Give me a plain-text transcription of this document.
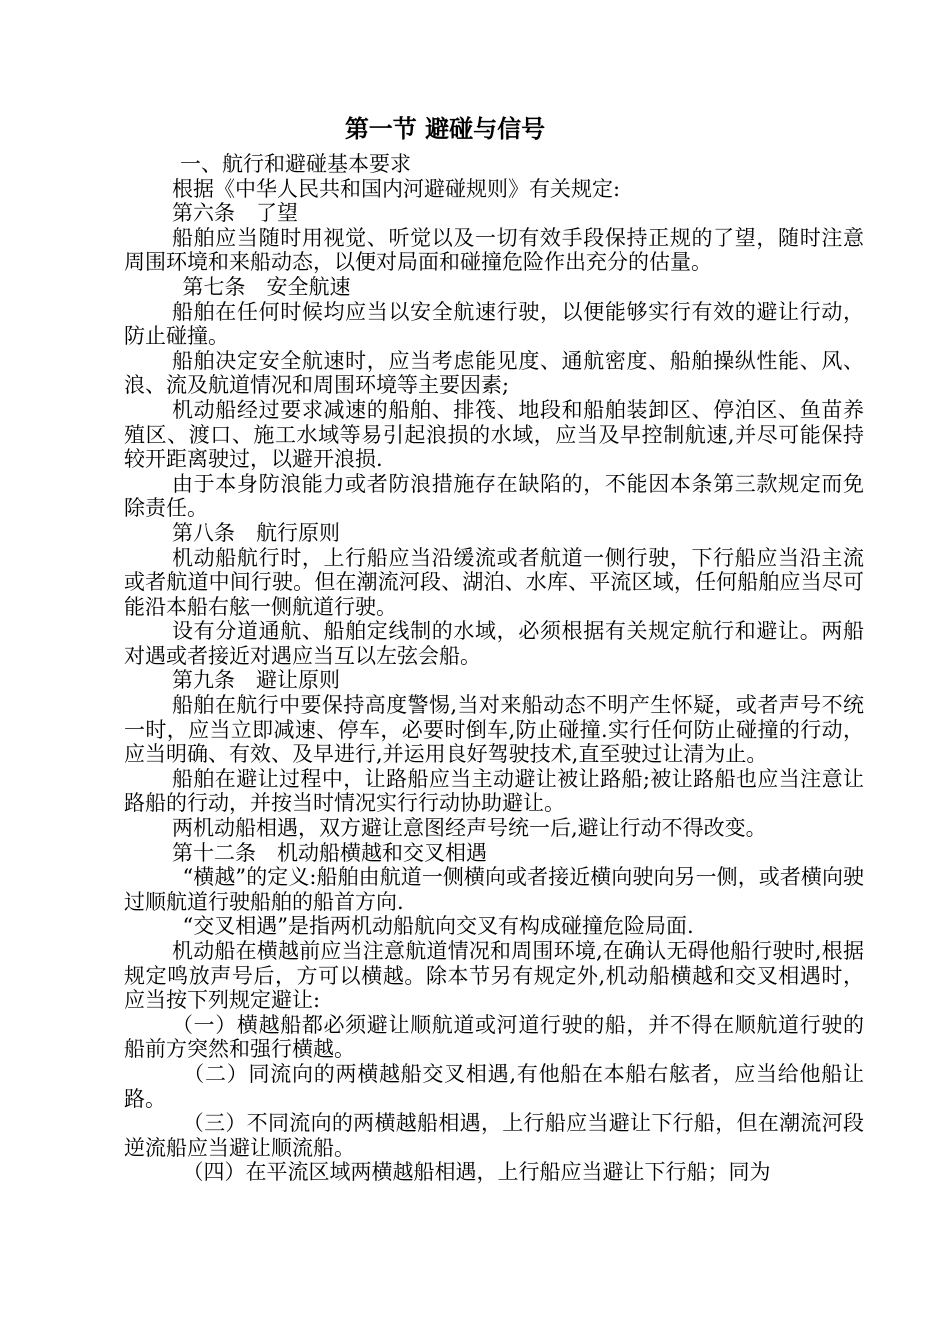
第一节 避碰与信号

一、航行和避碰基本要求

根据《中华人民共和国内河避碰规则》有关规定:

第六条　了望

船舶应当随时用视觉、听觉以及一切有效手段保持正规的了望，随时注意周围环境和来船动态，以便对局面和碰撞危险作出充分的估量。

 第七条　安全航速

船舶在任何时候均应当以安全航速行驶，以便能够实行有效的避让行动，防止碰撞。

船舶决定安全航速时，应当考虑能见度、通航密度、船舶操纵性能、风、浪、流及航道情况和周围环境等主要因素;

机动船经过要求减速的船舶、排筏、地段和船舶装卸区、停泊区、鱼苗养殖区、渡口、施工水域等易引起浪损的水域，应当及早控制航速,并尽可能保持较开距离驶过，以避开浪损.

由于本身防浪能力或者防浪措施存在缺陷的，不能因本条第三款规定而免除责任。

第八条　航行原则

机动船航行时，上行船应当沿缓流或者航道一侧行驶，下行船应当沿主流或者航道中间行驶。但在潮流河段、湖泊、水库、平流区域，任何船舶应当尽可能沿本船右舷一侧航道行驶。

设有分道通航、船舶定线制的水域，必须根据有关规定航行和避让。两船对遇或者接近对遇应当互以左弦会船。

第九条　避让原则

船舶在航行中要保持高度警惕,当对来船动态不明产生怀疑，或者声号不统一时，应当立即减速、停车，必要时倒车,防止碰撞.实行任何防止碰撞的行动，应当明确、有效、及早进行,并运用良好驾驶技术,直至驶过让清为止。

船舶在避让过程中，让路船应当主动避让被让路船;被让路船也应当注意让路船的行动，并按当时情况实行行动协助避让。

两机动船相遇，双方避让意图经声号统一后,避让行动不得改变。

第十二条　机动船横越和交叉相遇

 “横越”的定义:船舶由航道一侧横向或者接近横向驶向另一侧，或者横向驶过顺航道行驶船舶的船首方向.

 “交叉相遇”是指两机动船航向交叉有构成碰撞危险局面.

机动船在横越前应当注意航道情况和周围环境,在确认无碍他船行驶时,根据规定鸣放声号后，方可以横越。除本节另有规定外,机动船横越和交叉相遇时，应当按下列规定避让:

（一）横越船都必须避让顺航道或河道行驶的船，并不得在顺航道行驶的船前方突然和强行横越。

 （二）同流向的两横越船交叉相遇,有他船在本船右舷者，应当给他船让路。

 （三）不同流向的两横越船相遇，上行船应当避让下行船，但在潮流河段逆流船应当避让顺流船。

 （四）在平流区域两横越船相遇，上行船应当避让下行船；同为
